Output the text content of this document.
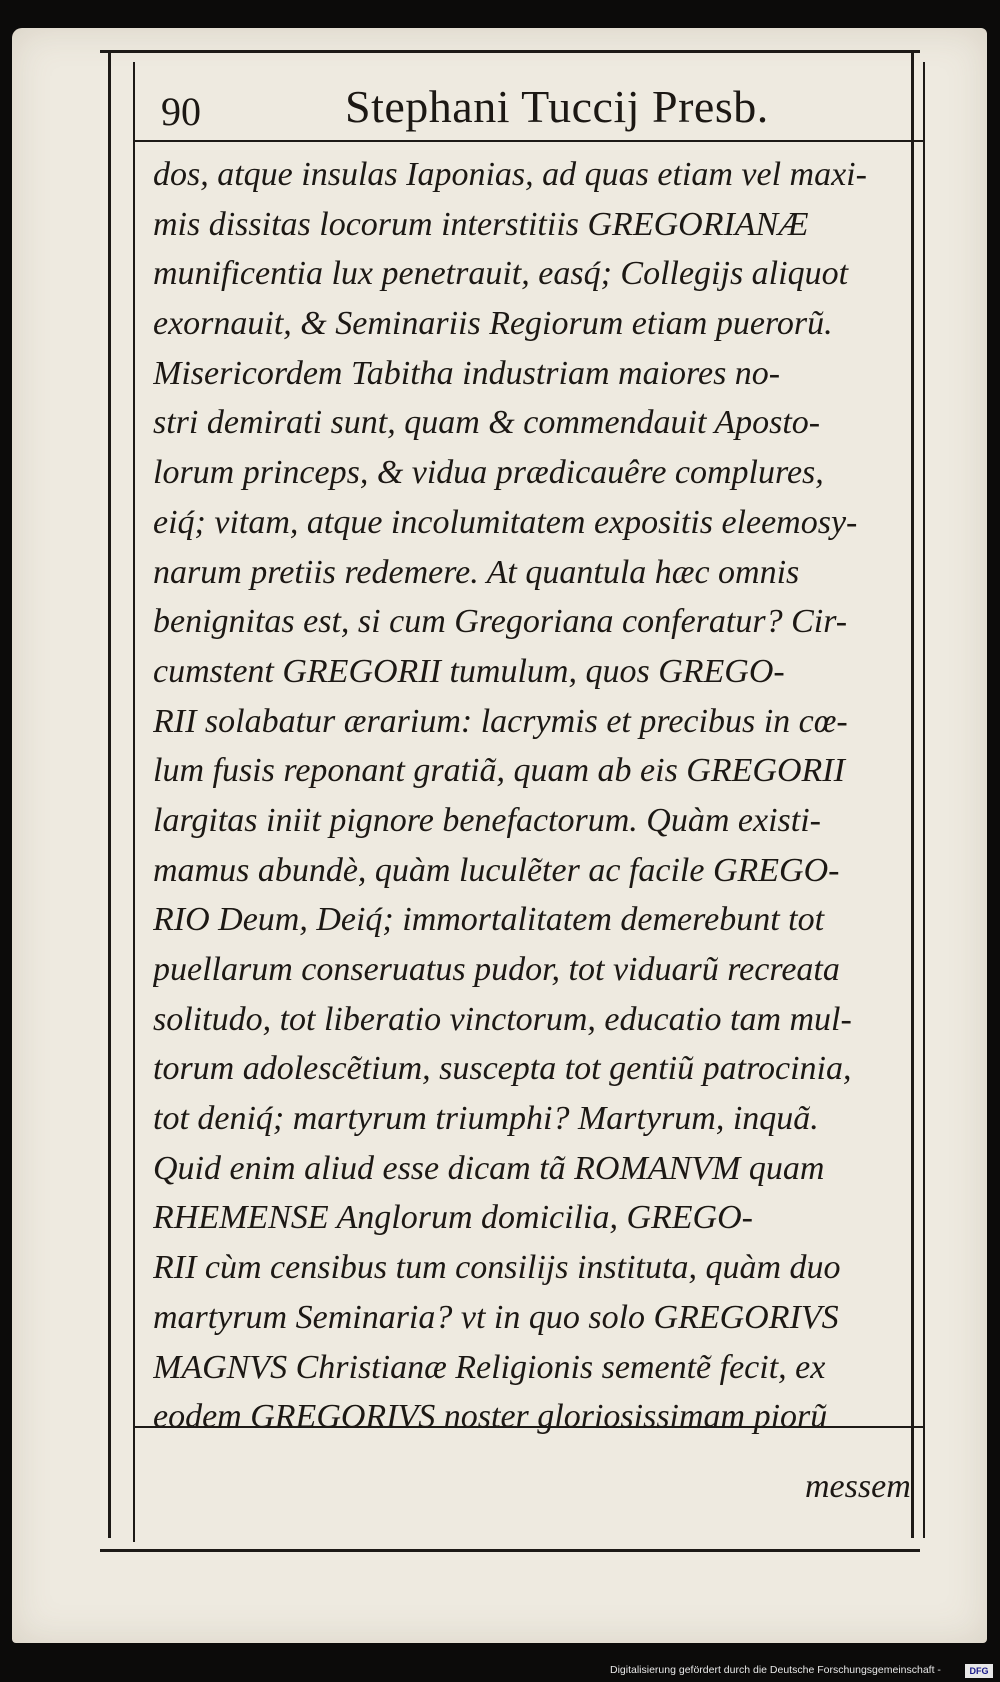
90	Stephani Tuccij Presb.
dos, atque insulas Iaponias, ad quas etiam vel maxi-
mis dissitas locorum interstitiis GREGORIANÆ
munificentia lux penetrauit, easq́; Collegijs aliquot
exornauit, & Seminariis Regiorum etiam puerorũ.
Misericordem Tabitha industriam maiores no-
stri demirati sunt, quam & commendauit Aposto-
lorum princeps, & vidua prædicauêre complures,
eiq́; vitam, atque incolumitatem expositis eleemosy-
narum pretiis redemere. At quantula hæc omnis
benignitas est, si cum Gregoriana conferatur? Cir-
cumstent GREGORII tumulum, quos GREGO-
RII solabatur ærarium: lacrymis et precibus in cœ-
lum fusis reponant gratiã, quam ab eis GREGORII
largitas iniit pignore benefactorum. Quàm existi-
mamus abundè, quàm luculẽter ac facile GREGO-
RIO Deum, Deiq́; immortalitatem demerebunt tot
puellarum conseruatus pudor, tot viduarũ recreata
solitudo, tot liberatio vinctorum, educatio tam mul-
torum adolescẽtium, suscepta tot gentiũ patrocinia,
tot deniq́; martyrum triumphi? Martyrum, inquã.
Quid enim aliud esse dicam tã ROMANVM quam
RHEMENSE Anglorum domicilia, GREGO-
RII cùm censibus tum consilijs instituta, quàm duo
martyrum Seminaria? vt in quo solo GREGORIVS
MAGNVS Christianæ Religionis sementẽ fecit, ex
eodem GREGORIVS noster gloriosissimam piorũ
messem
Digitalisierung gefördert durch die Deutsche Forschungsgemeinschaft -	DFG
